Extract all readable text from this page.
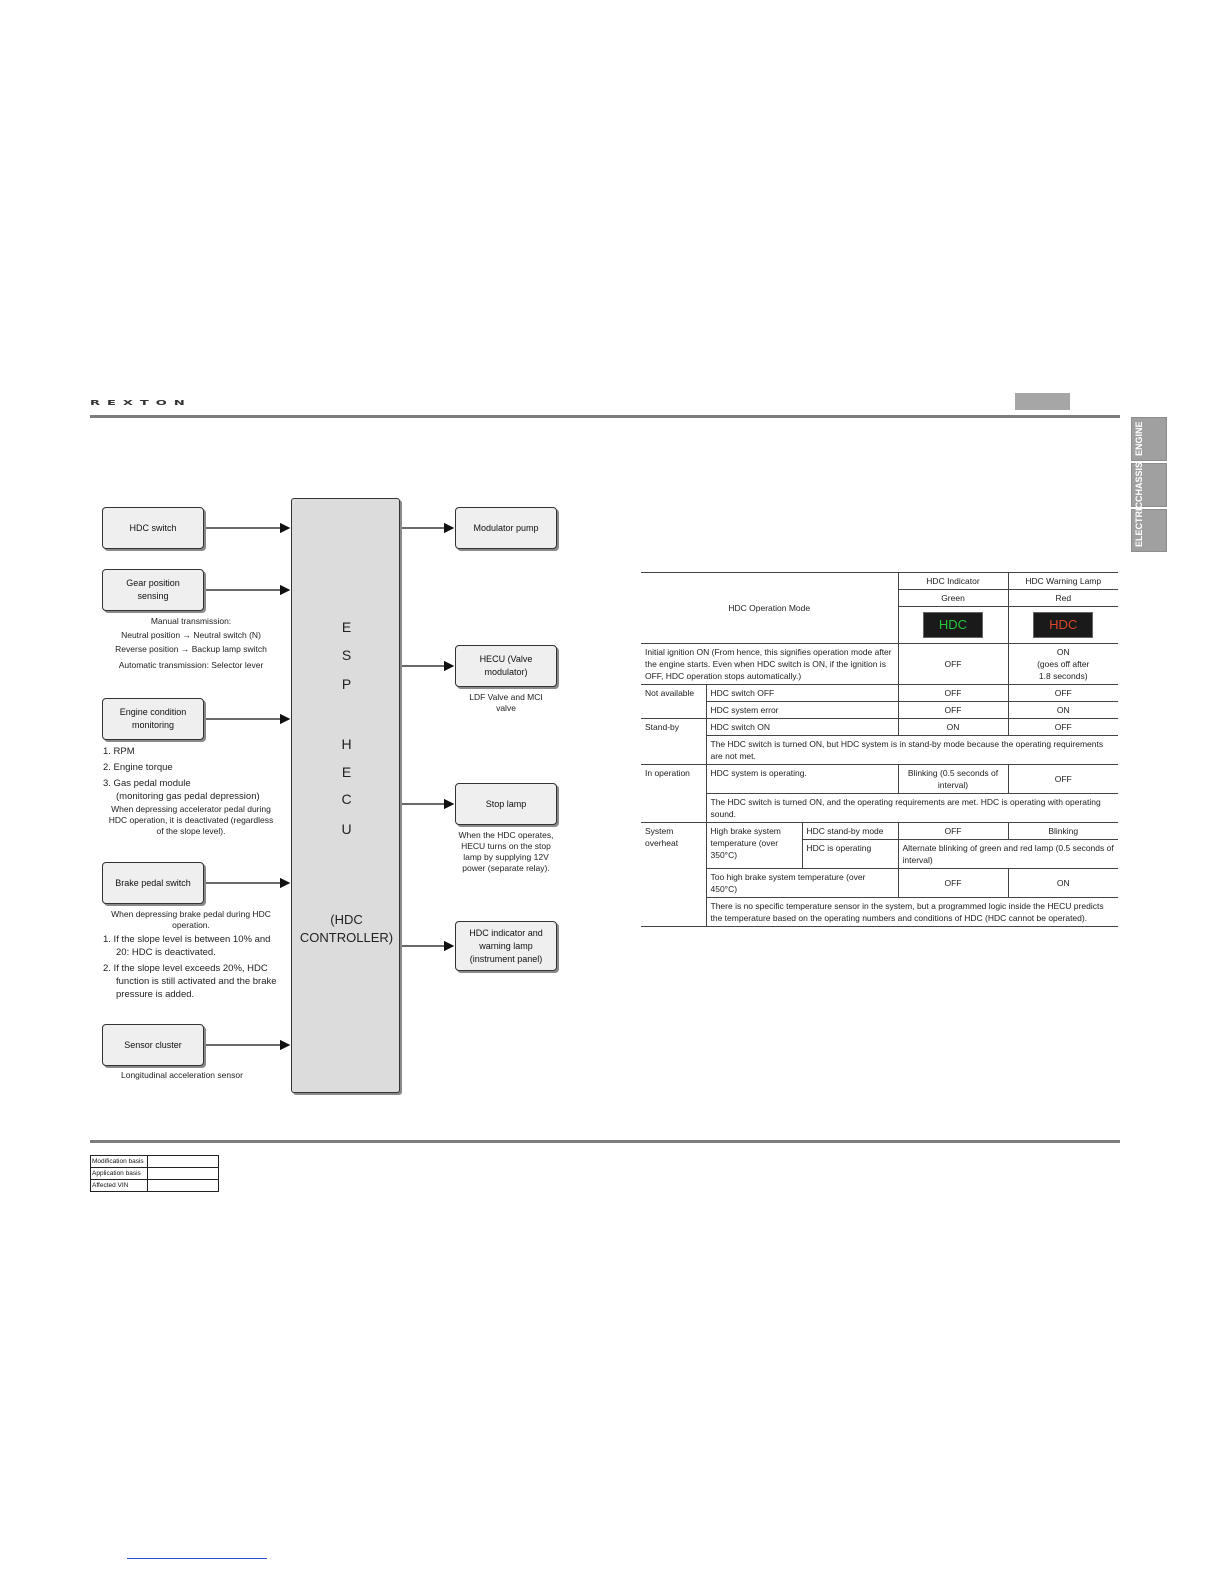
REXTON
ENGINE
CHASSIS
ELECTRIC
HDC switch
Gear position sensing
Engine condition monitoring
Brake pedal switch
Sensor cluster
Manual transmission:
Neutral position → Neutral switch (N)
Reverse position → Backup lamp switch
Automatic transmission: Selector lever
1. RPM
2. Engine torque
3. Gas pedal module
(monitoring gas pedal depression)
When depressing accelerator pedal during HDC operation, it is deactivated (regardless of the slope level).
When depressing brake pedal during HDC operation.
1. If the slope level is between 10% and 20: HDC is deactivated.
2. If the slope level exceeds 20%, HDC function is still activated and the brake pressure is added.
Longitudinal acceleration sensor
E
S
P
H
E
C
U
(HDC
CONTROLLER)
Modulator pump
HECU (Valve modulator)
LDF Valve and MCI valve
Stop lamp
When the HDC operates, HECU turns on the stop lamp by supplying 12V power (separate relay).
HDC indicator and warning lamp (instrument panel)
HDC Operation Mode			HDC Indicator	HDC Warning Lamp
			Green	Red
			HDC	HDC
Initial ignition ON (From hence, this signifies operation mode after the engine starts. Even when HDC switch is ON, if the ignition is OFF, HDC operation stops automatically.)			OFF	ON
(goes off after
1.8 seconds)
Not available	HDC switch OFF		OFF	OFF
	HDC system error		OFF	ON
Stand-by	HDC switch ON		ON	OFF
	The HDC switch is turned ON, but HDC system is in stand-by mode because the operating requirements are not met.			
In operation	HDC system is operating.		Blinking (0.5 seconds of interval)	OFF
	The HDC switch is turned ON, and the operating requirements are met. HDC is operating with operating sound.			
System overheat	High brake system temperature (over 350°C)	HDC stand-by mode	OFF	Blinking
		HDC is operating	Alternate blinking of green and red lamp (0.5 seconds of interval)	
	Too high brake system temperature (over 450°C)		OFF	ON
	There is no specific temperature sensor in the system, but a programmed logic inside the HECU predicts the temperature based on the operating numbers and conditions of HDC (HDC cannot be operated).			
Modification basis	
Application basis	
Affected VIN	
